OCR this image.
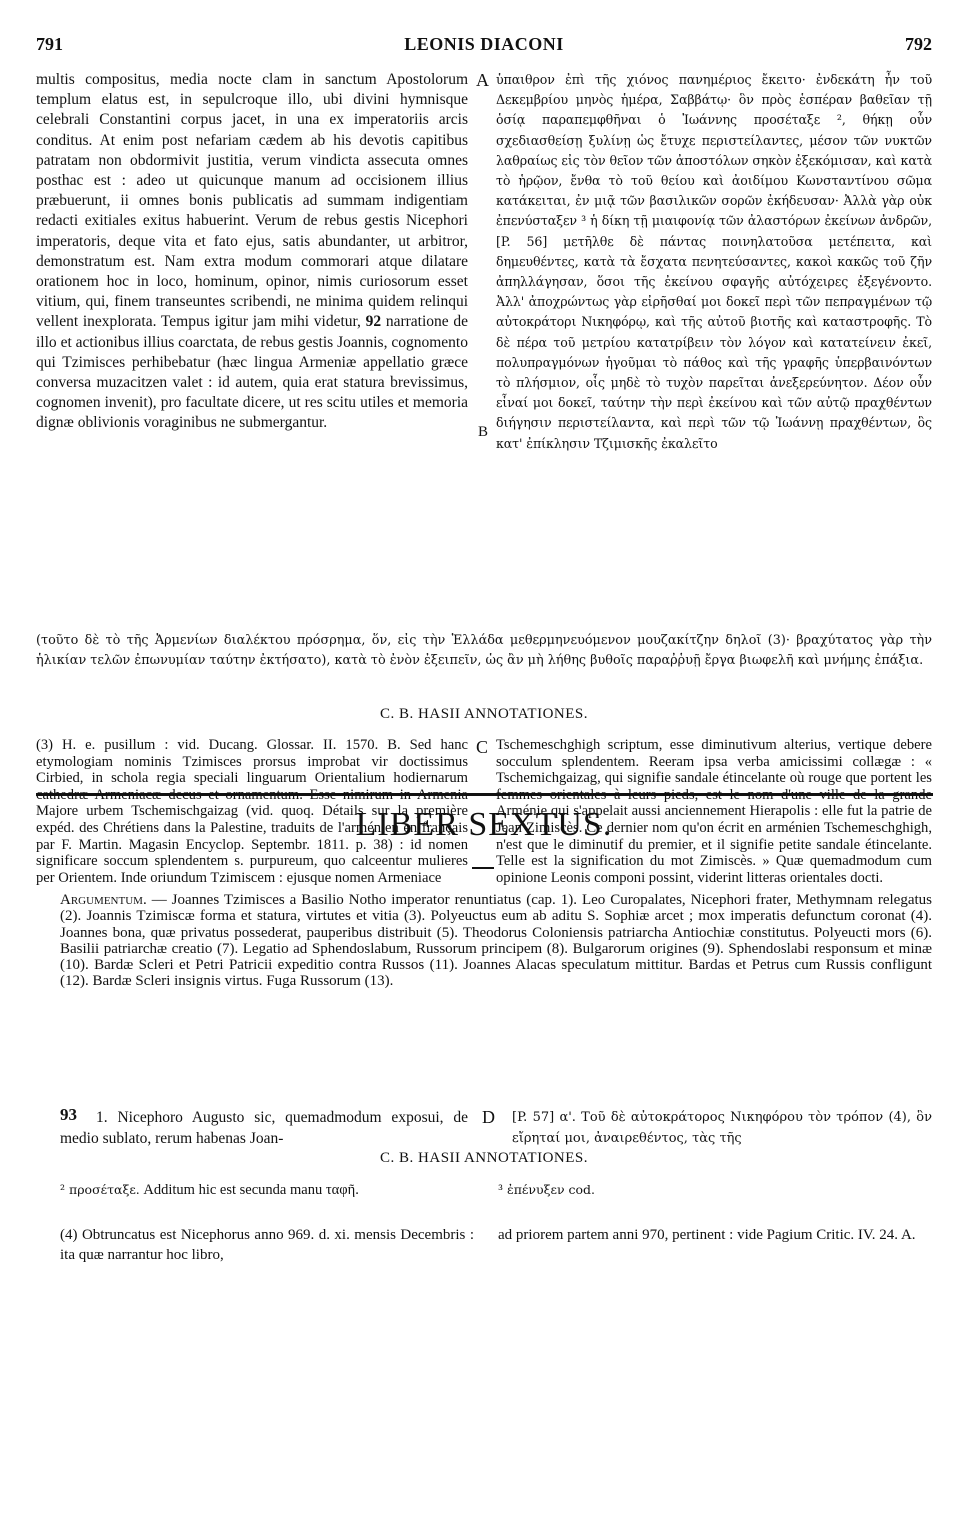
791	LEONIS DIACONI	792
multis compositus, media nocte clam in sanctum Apostolorum templum elatus est, in sepulcroque illo, ubi divini hymnisque celebrali Constantini corpus jacet, in una ex imperatoriis arcis conditus. At enim post nefariam cædem ab his devotis capitibus patratam non obdormivit justitia, verum vindicta assecuta omnes posthac est : adeo ut quicunque manum ad occisionem illius præbuerunt, ii omnes bonis publicatis ad summam indigentiam redacti exitiales exitus habuerint. Verum de rebus gestis Nicephori imperatoris, deque vita et fato ejus, satis abundanter, ut arbitror, demonstratum est. Nam extra modum commorari atque dilatare orationem hoc in loco, hominum, opinor, nimis curiosorum esset vitium, qui, finem transeuntes scribendi, ne minima quidem relinqui vellent inexplorata. Tempus igitur jam mihi videtur, 92 narratione de illo et actionibus illius coarctata, de rebus gestis Joannis, cognomento qui Tzimisces perhibebatur (hæc lingua Armeniæ appellatio græce conversa muzacitzen valet : id autem, quia erat statura brevissimus, cognomen invenit), pro facultate dicere, ut res scitu utiles et memoria dignæ oblivionis voraginibus ne submergantur.
A
B
ὑπαιθρον ἐπὶ τῆς χιόνος πανημέριος ἔκειτο· ἐνδεκάτη ἦν τοῦ Δεκεμβρίου μηνὸς ἡμέρα, Σαββάτῳ· ὃν πρὸς ἑσπέραν βαθεῖαν τῇ ὁσίᾳ παραπεμφθῆναι ὁ Ἰωάννης προσέταξε ², θήκῃ οὖν σχεδιασθείσῃ ξυλίνῃ ὡς ἔτυχε περιστείλαντες, μέσον τῶν νυκτῶν λαθραίως εἰς τὸν θεῖον τῶν ἀποστόλων σηκὸν ἐξεκόμισαν, καὶ κατὰ τὸ ἡρῷον, ἔνθα τὸ τοῦ θείου καὶ ἀοιδίμου Κωνσταντίνου σῶμα κατάκειται, ἐν μιᾷ τῶν βασιλικῶν σορῶν ἐκήδευσαν· Ἀλλὰ γὰρ οὐκ ἐπενύσταξεν ³ ἡ δίκη τῇ μιαιφονίᾳ τῶν ἀλαστόρων ἐκείνων ἀνδρῶν, [P. 56] μετῆλθε δὲ πάντας ποινηλατοῦσα μετέπειτα, καὶ δημευθέντες, κατὰ τὰ ἔσχατα πενητεύσαντες, κακοὶ κακῶς τοῦ ζῆν ἀπηλλάγησαν, ὅσοι τῆς ἐκείνου σφαγῆς αὐτόχειρες ἐξεγένοντο. Ἀλλ' ἀποχρώντως γὰρ εἰρῆσθαί μοι δοκεῖ περὶ τῶν πεπραγμένων τῷ αὐτοκράτορι Νικηφόρῳ, καὶ τῆς αὐτοῦ βιοτῆς καὶ καταστροφῆς. Τὸ δὲ πέρα τοῦ μετρίου κατατρίβειν τὸν λόγον καὶ κατατείνειν ἐκεῖ, πολυπραγμόνων ἡγοῦμαι τὸ πάθος καὶ τῆς γραφῆς ὑπερβαινόντων τὸ πλήσμιον, οἷς μηδὲ τὸ τυχὸν παρεῖται ἀνεξερεύνητον. Δέον οὖν εἶναί μοι δοκεῖ, ταύτην τὴν περὶ ἐκείνου καὶ τῶν αὐτῷ πραχθέντων διήγησιν περιστείλαντα, καὶ περὶ τῶν τῷ Ἰωάννῃ πραχθέντων, ὃς κατ' ἐπίκλησιν Τζιμισκῆς ἐκαλεῖτο
(τοῦτο δὲ τὸ τῆς Ἀρμενίων διαλέκτου πρόσρημα, ὅν, εἰς τὴν Ἑλλάδα μεθερμηνευόμενον μουζακίτζην δηλοῖ (3)· βραχύτατος γὰρ τὴν ἡλικίαν τελῶν ἐπωνυμίαν ταύτην ἐκτήσατο), κατὰ τὸ ἐνὸν ἐξειπεῖν, ὡς ἂν μὴ λήθης βυθοῖς παραῤῥυῇ ἔργα βιωφελῆ καὶ μνήμης ἐπάξια.
C. B. HASII ANNOTATIONES.
(3) H. e. pusillum : vid. Ducang. Glossar. II. 1570. B. Sed hanc etymologiam nominis Tzimisces prorsus improbat vir doctissimus Cirbied, in schola regia speciali linguarum Orientalium hodiernarum Majore urbem Tschemischgaizag (vid. quoq. Détails sur la première expéd. des Chrétiens dans la Palestine, traduits de l'arménien en français par F. Martin. Magasin Encyclop. Septembr. 1811. p. 38) : id nomen significare soccum splendentem s. purpureum, quo calceentur mulieres per Orientem. Inde oriundum Tzimiscem : ejusque nomen Armeniace
C Tschemeschghigh scriptum, esse diminutivum alterius, vertique debere socculum splendentem. Reeram ipsa verba amicissimi collægæ : « Tschemichgaizag, qui signifie sandale étincelante où rouge que portent les Arménie qui s'appelait aussi anciennement Hierapolis : elle fut la patrie de Jean Zimiscès. Ce dernier nom qu'on écrit en arménien Tschemeschghigh, n'est que le diminutif du premier, et il signifie petite sandale étincelante. Telle est la signification du mot Zimiscès. » Quæ quemadmodum cum opinione Leonis componi possint, viderint litteras orientales docti.
LIBER SEXTUS.
Argumentum. — Joannes Tzimisces a Basilio Notho imperator renuntiatus (cap. 1). Leo Curopalates, Nicephori frater, Methymnam relegatus (2). Joannis Tzimiscæ forma et statura, virtutes et vitia (3). Polyeuctus eum ab aditu S. Sophiæ arcet ; mox imperatis defunctum coronat (4). Joannes bona, quæ privatus possederat, pauperibus distribuit (5). Theodorus Coloniensis patriarcha Antiochiæ constitutus. Polyeucti mors (6). Basilii patriarchæ creatio (7). Legatio ad Sphendoslabum, Russorum principem (8). Bulgarorum origines (9). Sphendoslabi responsum et minæ (10). Bardæ Scleri et Petri Patricii expeditio contra Russos (11). Joannes Alacas speculatum mittitur. Bardas et Petrus cum Russis confligunt (12). Bardæ Scleri insignis virtus. Fuga Russorum (13).
93	1. Nicephoro Augusto sic, quemadmodum exposui, de medio sublato, rerum habenas Joan-
D [P. 57] α'. Τοῦ δὲ αὐτοκράτορος Νικηφόρου τὸν τρόπον (4), ὃν εἴρηταί μοι, ἀναιρεθέντος, τὰς τῆς
C. B. HASII ANNOTATIONES.
² προσέταξε. Additum hic est secunda manu ταφῆ.	³ ἐπένυξεν cod.
(4) Obtruncatus est Nicephorus anno 969. d. xi. mensis Decembris : ita quæ narrantur hoc libro,
ad priorem partem anni 970, pertinent : vide Pagium Critic. IV. 24. A.
